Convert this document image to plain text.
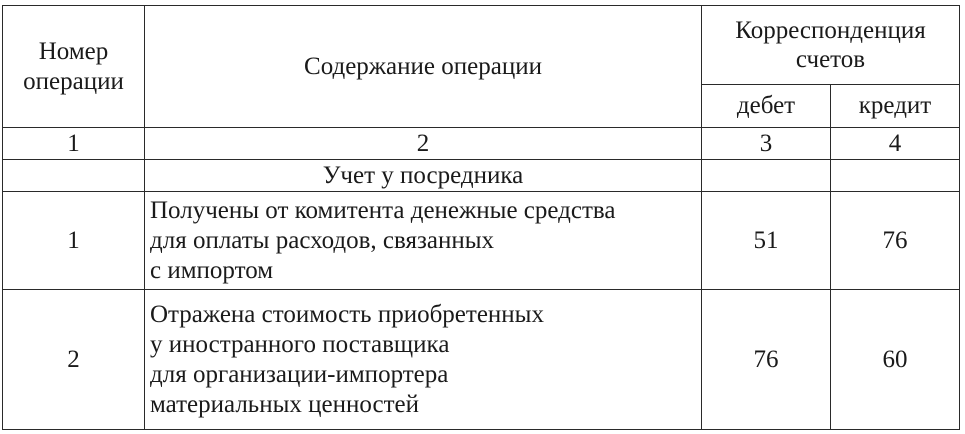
Номер
операции	Содержание операции	Корреспонденция
счетов	

		дебет	кредит
1	2	3	4
	Учет у посредника		
1	Получены от комитента денежные средства
для оплаты расходов, связанных
с импортом	51	76
2	Отражена стоимость приобретенных
у иностранного поставщика
для организации-импортера
материальных ценностей	76	60
